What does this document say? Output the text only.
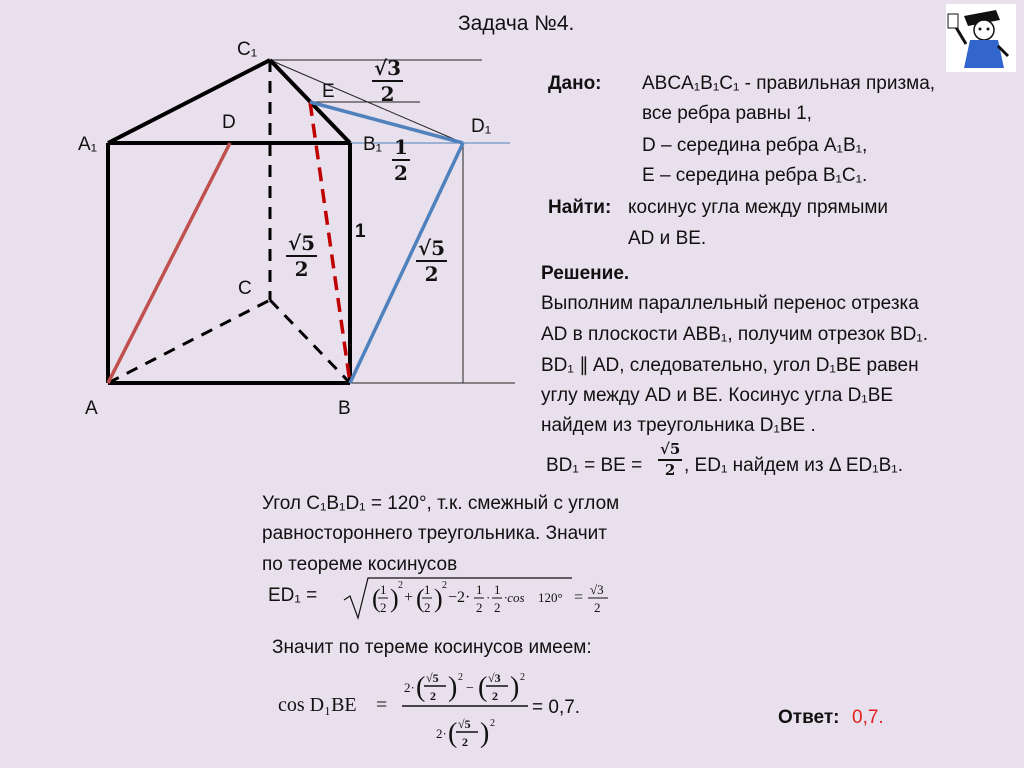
Задача №4.
C₁
E
D
A₁	B₁
D₁
C
A	B
1
$\frac{√3}{2}$
$\frac{1}{2}$
$\frac{√5}{2}$	$\frac{√5}{2}$
Дано: ABCA₁B₁C₁ - правильная призма,
все ребра равны 1,
D – середина ребра A₁B₁,
E – середина ребра B₁C₁.
Найти: косинус угла между прямыми
AD и BE.
Решение.
Выполним параллельный перенос отрезка
AD в плоскости ABB₁, получим отрезок BD₁.
BD₁ ∥ AD, следовательно, угол D₁BE равен
углу между AD и BE. Косинус угла D₁BE
найдем из треугольника D₁BE .
BD₁ = BE = $\frac{√5}{2}$ , ED₁ найдем из Δ ED₁B₁.
Угол C₁B₁D₁ = 120°, т.к. смежный с углом
равностороннего треугольника. Значит
по теореме косинусов
ED₁ = ( 1
2 ) 2
+ ( 1
2 ) 2
−2· 1
2
·
1
2
·cos 120° = √3
2
Значит по тереме косинусов имеем:
cos D₁BE =
2· ( √5
2 ) 2
− ( √3
2 ) 2
2· ( √5
2 ) 2
= 0,7.	Ответ: 0,7.
